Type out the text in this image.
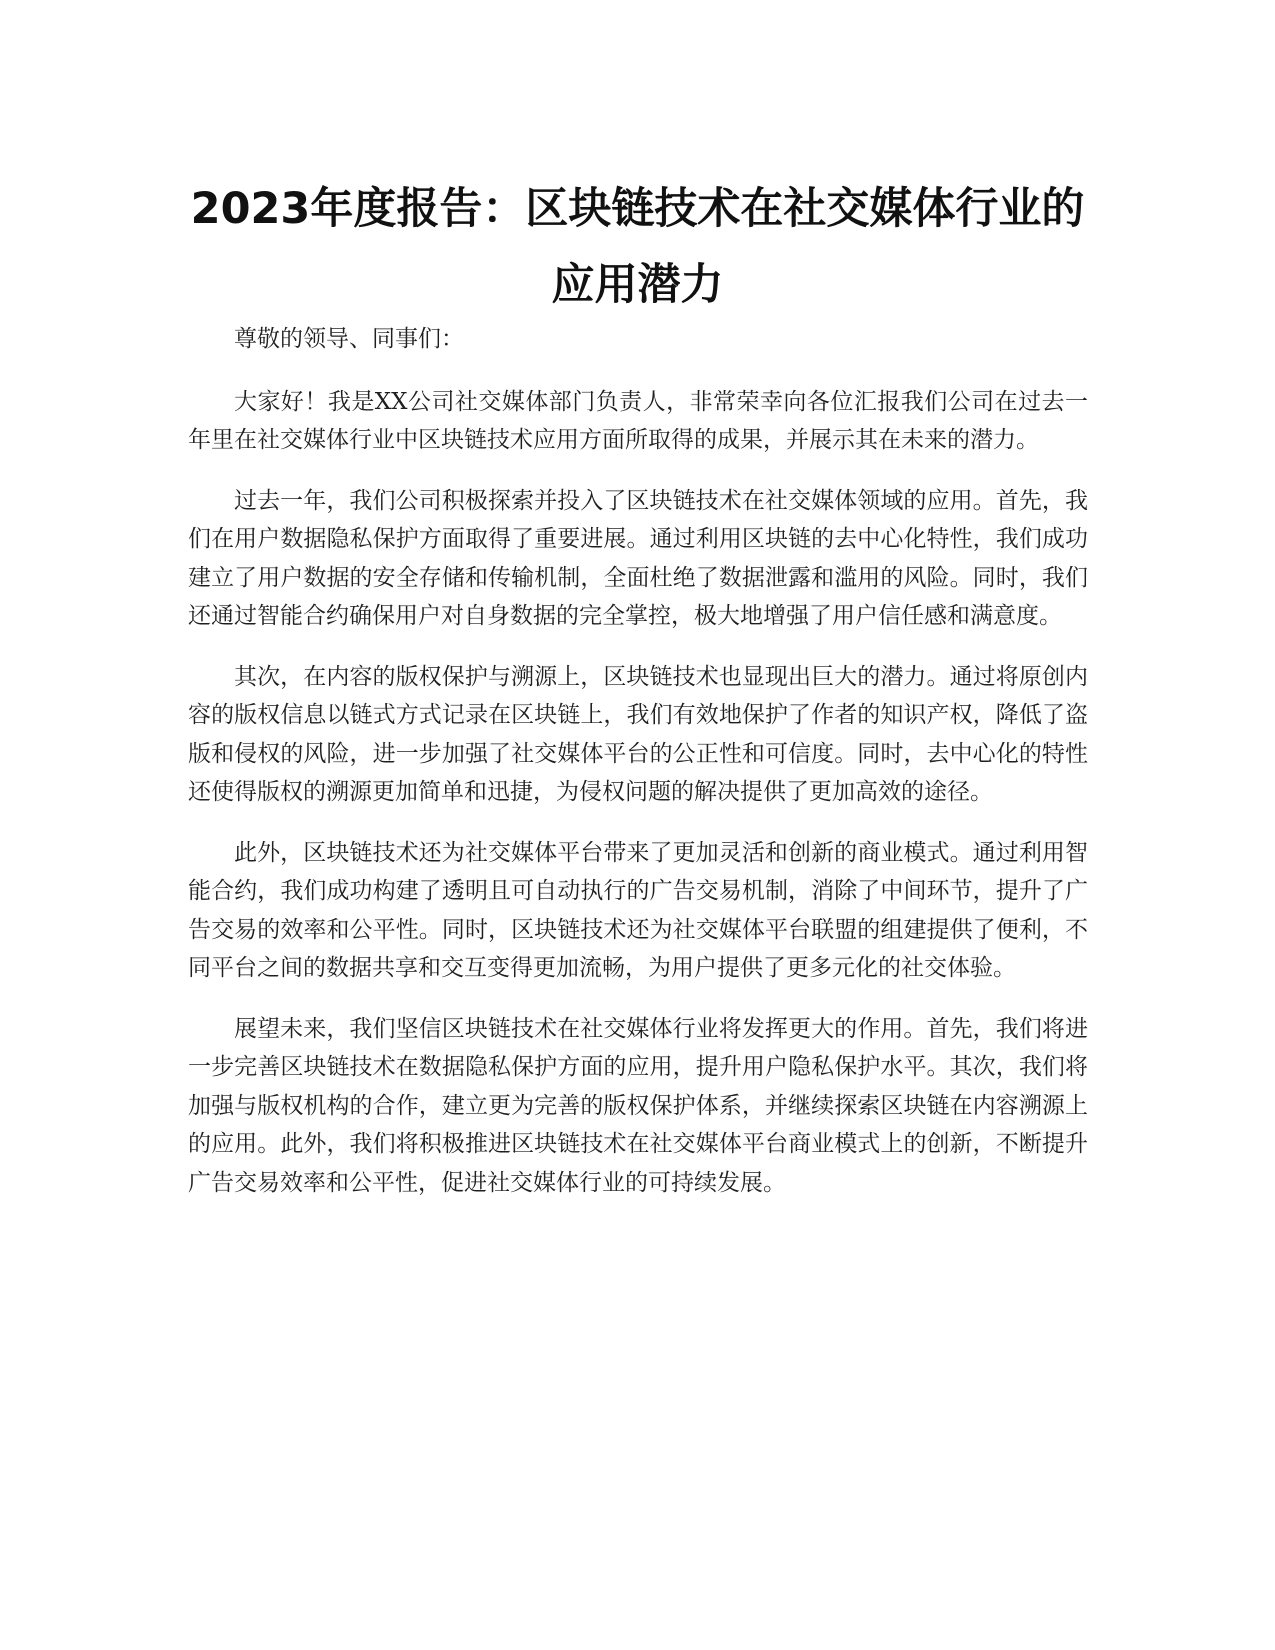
2023年度报告：区块链技术在社交媒体行业的应用潜力

尊敬的领导、同事们：

大家好！我是XX公司社交媒体部门负责人，非常荣幸向各位汇报我们公司在过去一年里在社交媒体行业中区块链技术应用方面所取得的成果，并展示其在未来的潜力。

过去一年，我们公司积极探索并投入了区块链技术在社交媒体领域的应用。首先，我们在用户数据隐私保护方面取得了重要进展。通过利用区块链的去中心化特性，我们成功建立了用户数据的安全存储和传输机制，全面杜绝了数据泄露和滥用的风险。同时，我们还通过智能合约确保用户对自身数据的完全掌控，极大地增强了用户信任感和满意度。

其次，在内容的版权保护与溯源上，区块链技术也显现出巨大的潜力。通过将原创内容的版权信息以链式方式记录在区块链上，我们有效地保护了作者的知识产权，降低了盗版和侵权的风险，进一步加强了社交媒体平台的公正性和可信度。同时，去中心化的特性还使得版权的溯源更加简单和迅捷，为侵权问题的解决提供了更加高效的途径。

此外，区块链技术还为社交媒体平台带来了更加灵活和创新的商业模式。通过利用智能合约，我们成功构建了透明且可自动执行的广告交易机制，消除了中间环节，提升了广告交易的效率和公平性。同时，区块链技术还为社交媒体平台联盟的组建提供了便利，不同平台之间的数据共享和交互变得更加流畅，为用户提供了更多元化的社交体验。

展望未来，我们坚信区块链技术在社交媒体行业将发挥更大的作用。首先，我们将进一步完善区块链技术在数据隐私保护方面的应用，提升用户隐私保护水平。其次，我们将加强与版权机构的合作，建立更为完善的版权保护体系，并继续探索区块链在内容溯源上的应用。此外，我们将积极推进区块链技术在社交媒体平台商业模式上的创新，不断提升广告交易效率和公平性，促进社交媒体行业的可持续发展。
